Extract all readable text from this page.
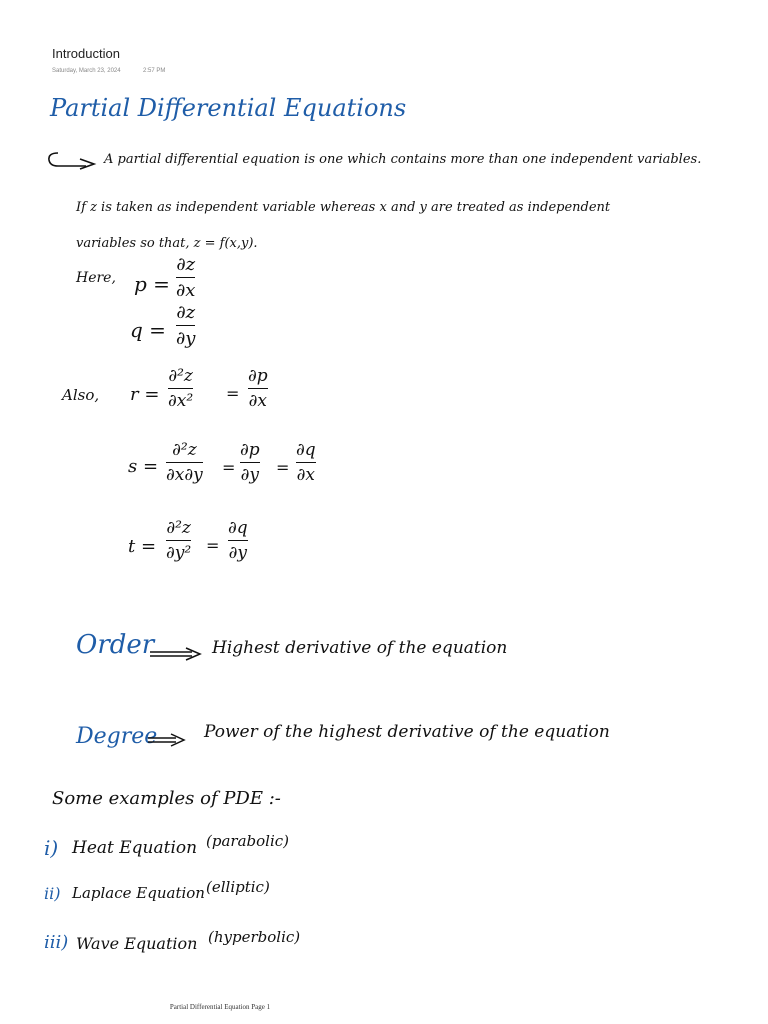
Introduction
Saturday, March 23, 2024	2:57 PM
Partial Differential Equations
A partial differential equation is one which contains more than one independent variables.
If z is taken as independent variable whereas x and y are treated as independent
variables so that, z = f(x,y).
Here, p =
∂z
∂x
q =
∂z
∂y
Also, r =
∂²z
∂x² =
∂p
∂x
s =
∂²z
∂x∂y =
∂p
∂y =
∂q
∂x
t =
∂²z
∂y² =
∂q
∂y
Order	Highest derivative of the equation
Degree	Power of the highest derivative of the equation
Some examples of PDE :-
i) Heat Equation (parabolic)
ii) Laplace Equation (elliptic)
iii) Wave Equation (hyperbolic)
Partial Differential Equation Page 1
